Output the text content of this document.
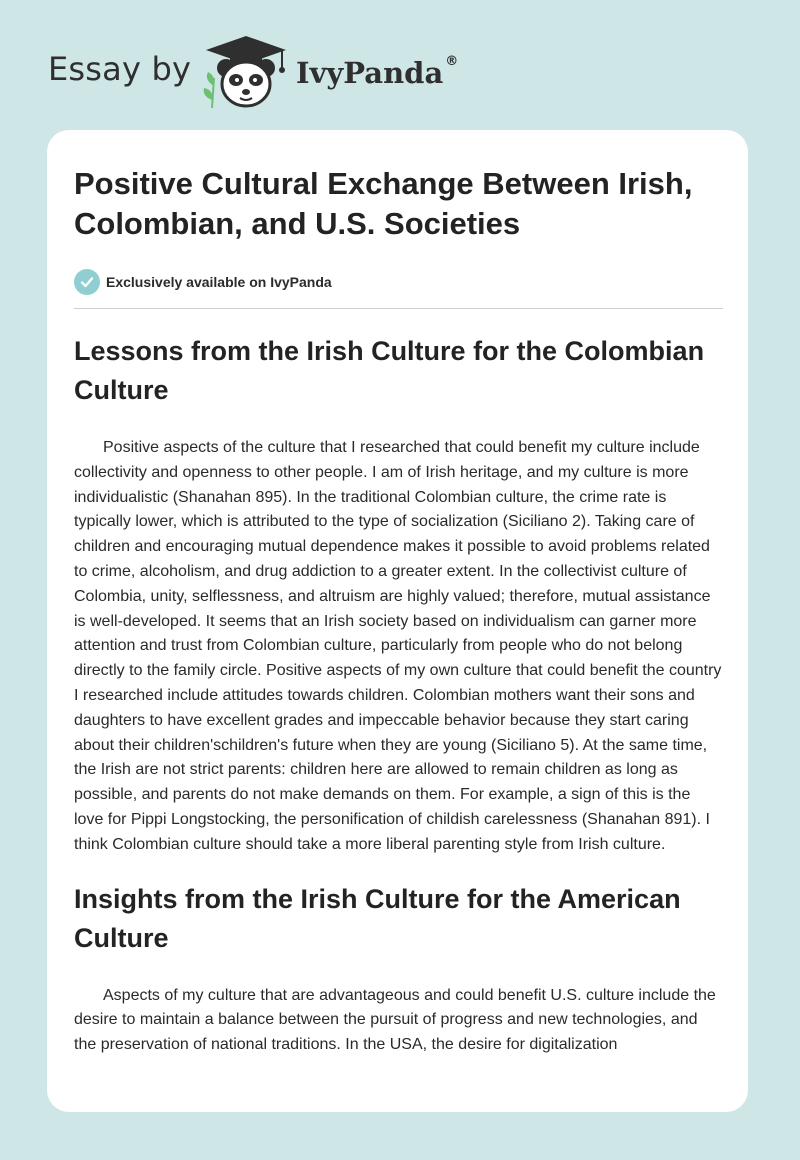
Essay by	IvyPanda ®
Positive Cultural Exchange Between Irish, Colombian, and U.S. Societies
Exclusively available on IvyPanda
Lessons from the Irish Culture for the Colombian Culture

Positive aspects of the culture that I researched that could benefit my culture include collectivity and openness to other people. I am of Irish heritage, and my culture is more individualistic (Shanahan 895). In the traditional Colombian culture, the crime rate is typically lower, which is attributed to the type of socialization (Siciliano 2). Taking care of children and encouraging mutual dependence makes it possible to avoid problems related to crime, alcoholism, and drug addiction to a greater extent. In the collectivist culture of Colombia, unity, selflessness, and altruism are highly valued; therefore, mutual assistance is well-developed. It seems that an Irish society based on individualism can garner more attention and trust from Colombian culture, particularly from people who do not belong directly to the family circle. Positive aspects of my own culture that could benefit the country I researched include attitudes towards children. Colombian mothers want their sons and daughters to have excellent grades and impeccable behavior because they start caring about their children'schildren's future when they are young (Siciliano 5). At the same time, the Irish are not strict parents: children here are allowed to remain children as long as possible, and parents do not make demands on them. For example, a sign of this is the love for Pippi Longstocking, the personification of childish carelessness (Shanahan 891). I think Colombian culture should take a more liberal parenting style from Irish culture.

Insights from the Irish Culture for the American Culture

Aspects of my culture that are advantageous and could benefit U.S. culture include the desire to maintain a balance between the pursuit of progress and new technologies, and the preservation of national traditions. In the USA, the desire for digitalization
